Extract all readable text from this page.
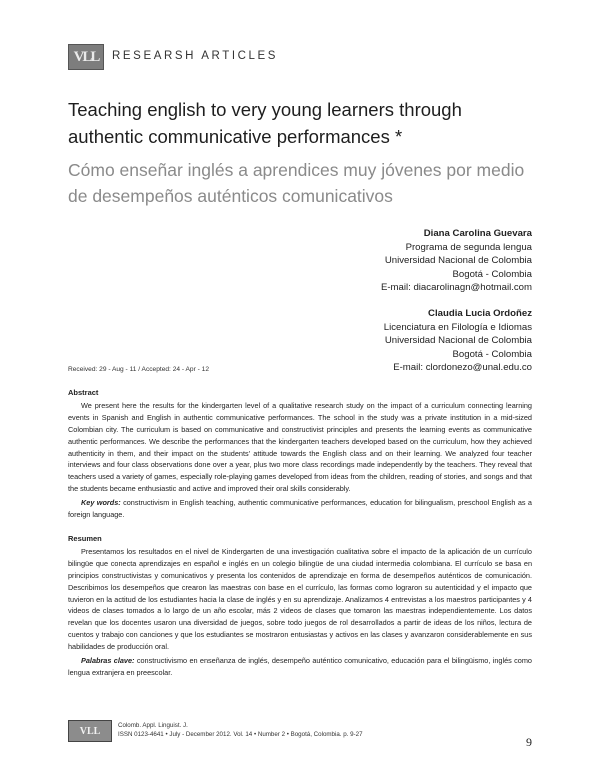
VLL RESEARSH ARTICLES
Teaching english to very young learners through authentic communicative performances *
Cómo enseñar inglés a aprendices muy jóvenes por medio de desempeños auténticos comunicativos
Diana Carolina Guevara
Programa de segunda lengua
Universidad Nacional de Colombia
Bogotá - Colombia
E-mail: diacarolinagn@hotmail.com
Claudia Lucia Ordoñez
Licenciatura en Filología e Idiomas
Universidad Nacional de Colombia
Bogotá - Colombia
E-mail: clordonezo@unal.edu.co
Received: 29 - Aug - 11 / Accepted: 24 - Apr - 12
Abstract

We present here the results for the kindergarten level of a qualitative research study on the impact of a curriculum connecting learning events in Spanish and English in authentic communicative performances. The school in the study was a private institution in a mid-sized Colombian city. The curriculum is based on communicative and constructivist principles and presents the learning events as communicative authentic performances. We describe the performances that the kindergarten teachers developed based on the curriculum, how they achieved authenticity in them, and their impact on the students' attitude towards the English class and on their learning. We analyzed four teacher interviews and four class observations done over a year, plus two more class recordings made independently by the teachers. They reveal that teachers used a variety of games, especially role-playing games developed from ideas from the children, reading of stories, and songs and that the students became enthusiastic and active and improved their oral skills considerably.

Key words: constructivism in English teaching, authentic communicative performances, education for bilingualism, preschool English as a foreign language.

Resumen

Presentamos los resultados en el nivel de Kindergarten de una investigación cualitativa sobre el impacto de la aplicación de un currículo bilingüe que conecta aprendizajes en español e inglés en un colegio bilingüe de una ciudad intermedia colombiana. El currículo se basa en principios constructivistas y comunicativos y presenta los contenidos de aprendizaje en forma de desempeños auténticos de comunicación. Describimos los desempeños que crearon las maestras con base en el currículo, las formas como lograron su autenticidad y el impacto que tuvieron en la actitud de los estudiantes hacia la clase de inglés y en su aprendizaje. Analizamos 4 entrevistas a los maestros participantes y 4 videos de clases tomados a lo largo de un año escolar, más 2 videos de clases que tomaron las maestras independientemente. Los datos revelan que los docentes usaron una diversidad de juegos, sobre todo juegos de rol desarrollados a partir de ideas de los niños, lectura de cuentos y trabajo con canciones y que los estudiantes se mostraron entusiastas y activos en las clases y avanzaron considerablemente en sus habilidades de producción oral.

Palabras clave: constructivismo en enseñanza de inglés, desempeño auténtico comunicativo, educación para el bilingüismo, inglés como lengua extranjera en preescolar.

VLL	Colomb. Appl. Linguist. J.
ISSN 0123-4641 • July - December 2012. Vol. 14 • Number 2 • Bogotá, Colombia. p. 9-27
9
